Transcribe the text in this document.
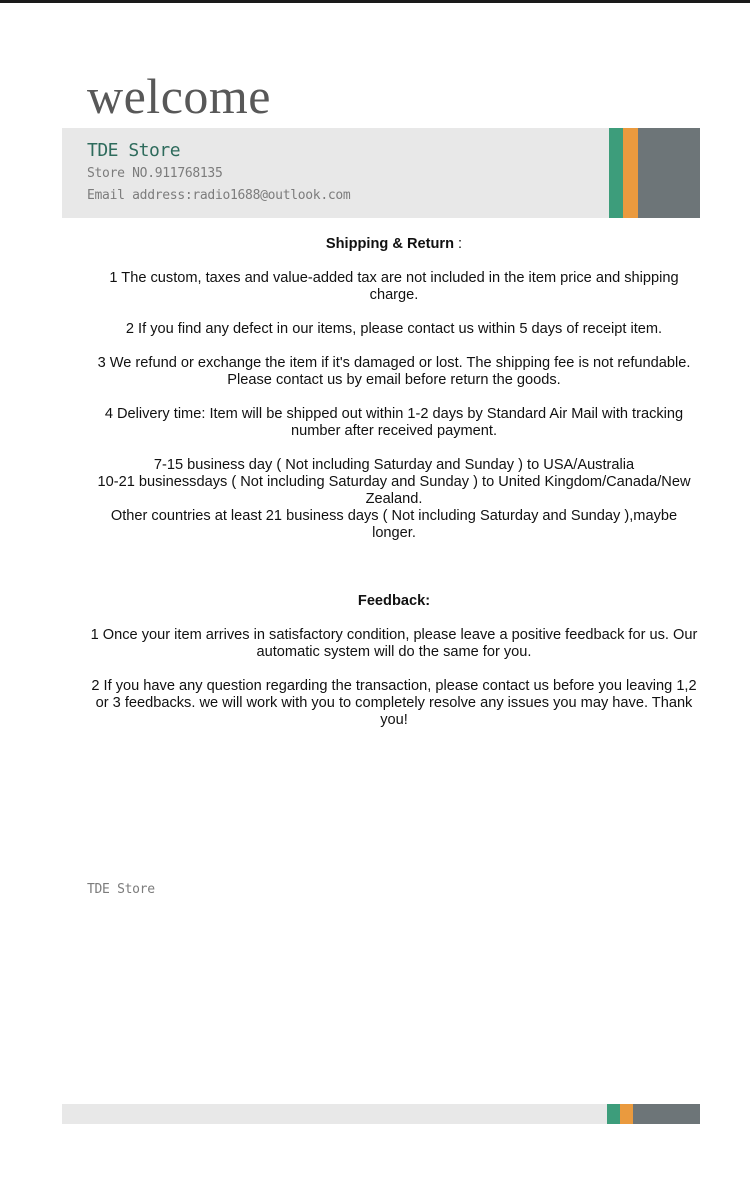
welcome
TDE Store
Store NO.911768135
Email address:radio1688@outlook.com
Shipping & Return :

1 The custom, taxes and value-added tax are not included in the item price and shipping charge.

2 If you find any defect in our items, please contact us within 5 days of receipt item.

3 We refund or exchange the item if it's damaged or lost. The shipping fee is not refundable. Please contact us by email before return the goods.

4 Delivery time: Item will be shipped out within 1-2 days by Standard Air Mail with tracking number after received payment.

7-15 business day ( Not including Saturday and Sunday ) to USA/Australia
10-21 businessdays ( Not including Saturday and Sunday ) to United Kingdom/Canada/New Zealand.
Other countries at least 21 business days ( Not including Saturday and Sunday ),maybe longer.
Feedback:

1 Once your item arrives in satisfactory condition, please leave a positive feedback for us. Our automatic system will do the same for you.

2 If you have any question regarding the transaction, please contact us before you leaving 1,2 or 3 feedbacks. we will work with you to completely resolve any issues you may have. Thank you!

TDE Store
